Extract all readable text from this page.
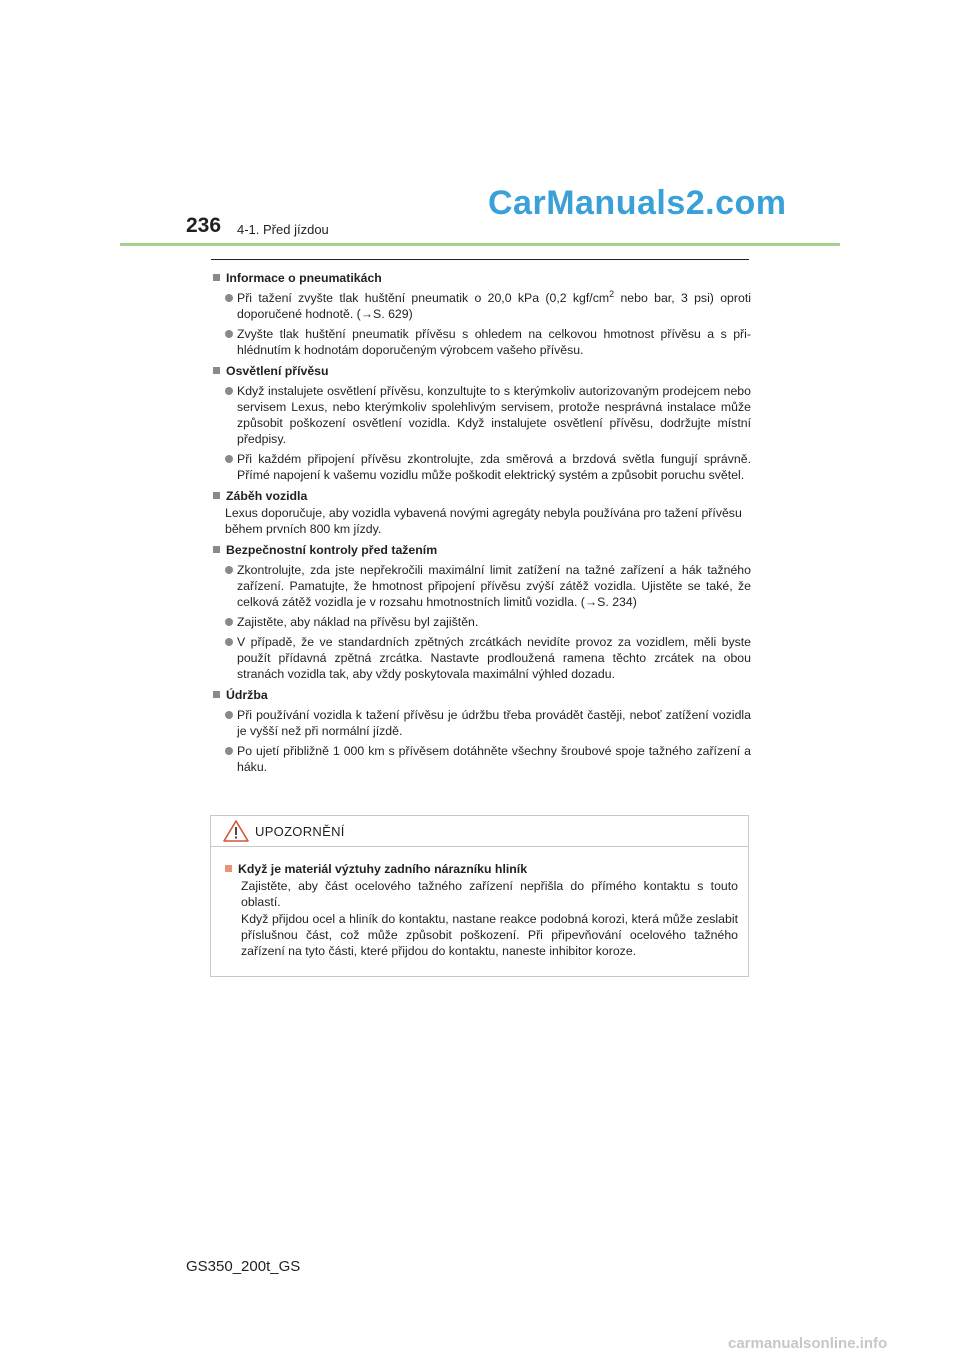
CarManuals2.com
236 4-1. Před jízdou
Informace o pneumatikách
Při tažení zvyšte tlak huštění pneumatik o 20,0 kPa (0,2 kgf/$cm^2$ nebo bar, 3 psi) oproti doporučené hodnotě. (→S. 629)
Zvyšte tlak huštění pneumatik přívěsu s ohledem na celkovou hmotnost přívěsu a s přihlédnutím k hodnotám doporučeným výrobcem vašeho přívěsu.
Osvětlení přívěsu
Když instalujete osvětlení přívěsu, konzultujte to s kterýmkoliv autorizovaným prodejcem nebo servisem Lexus, nebo kterýmkoliv spolehlivým servisem, protože nesprávná instalace může způsobit poškození osvětlení vozidla. Když instalujete osvětlení přívěsu, dodržujte místní předpisy.
Při každém připojení přívěsu zkontrolujte, zda směrová a brzdová světla fungují správně. Přímé napojení k vašemu vozidlu může poškodit elektrický systém a způsobit poruchu světel.
Záběh vozidla
Lexus doporučuje, aby vozidla vybavená novými agregáty nebyla používána pro tažení přívěsu během prvních 800 km jízdy.
Bezpečnostní kontroly před tažením
Zkontrolujte, zda jste nepřekročili maximální limit zatížení na tažné zařízení a hák tažného zařízení. Pamatujte, že hmotnost připojení přívěsu zvýší zátěž vozidla. Ujistěte se také, že celková zátěž vozidla je v rozsahu hmotnostních limitů vozidla. (→S. 234)
Zajistěte, aby náklad na přívěsu byl zajištěn.
V případě, že ve standardních zpětných zrcátkách nevidíte provoz za vozidlem, měli byste použít přídavná zpětná zrcátka. Nastavte prodloužená ramena těchto zrcátek na obou stranách vozidla tak, aby vždy poskytovala maximální výhled dozadu.
Údržba
Při používání vozidla k tažení přívěsu je údržbu třeba provádět častěji, neboť zatížení vozidla je vyšší než při normální jízdě.
Po ujetí přibližně 1 000 km s přívěsem dotáhněte všechny šroubové spoje tažného zařízení a háku.
UPOZORNĚNÍ
Když je materiál výztuhy zadního nárazníku hliník
Zajistěte, aby část ocelového tažného zařízení nepřišla do přímého kontaktu s touto oblastí.
Když přijdou ocel a hliník do kontaktu, nastane reakce podobná korozi, která může zeslabit příslušnou část, což může způsobit poškození. Při připevňování ocelového tažného zařízení na tyto části, které přijdou do kontaktu, naneste inhibitor koroze.
GS350_200t_GS
carmanualsonline.info
